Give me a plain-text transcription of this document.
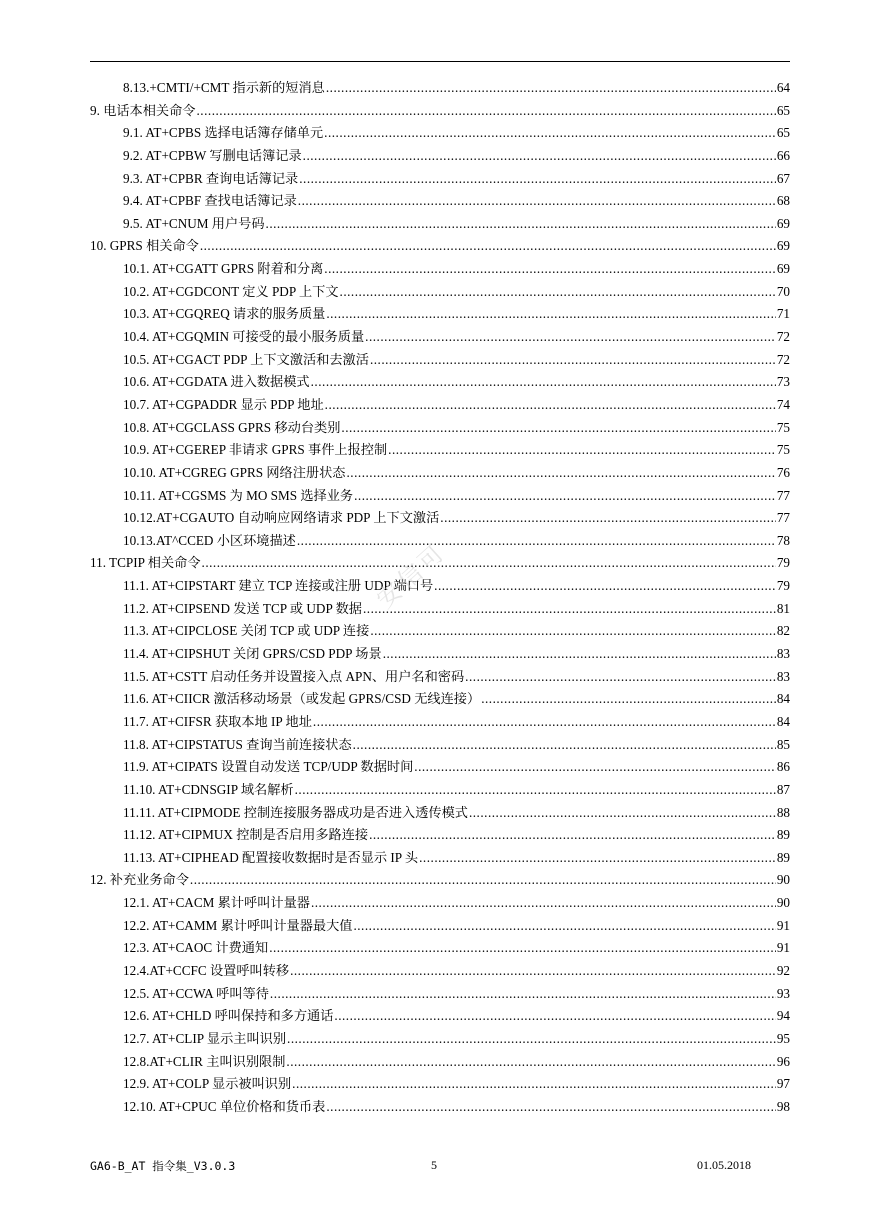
8.13.+CMTI/+CMT 指示新的短消息 .....	64
9. 电话本相关命令 .....	65
9.1. AT+CPBS 选择电话簿存储单元 .....	65
9.2. AT+CPBW 写删电话簿记录 .....	66
9.3. AT+CPBR 查询电话簿记录 .....	67
9.4. AT+CPBF 查找电话簿记录 .....	68
9.5. AT+CNUM 用户号码 .....	69
10. GPRS 相关命令 .....	69
10.1. AT+CGATT GPRS 附着和分离 .....	69
10.2. AT+CGDCONT 定义 PDP 上下文 .....	70
10.3. AT+CGQREQ 请求的服务质量 .....	71
10.4. AT+CGQMIN 可接受的最小服务质量 .....	72
10.5. AT+CGACT PDP 上下文激活和去激活 .....	72
10.6. AT+CGDATA 进入数据模式 .....	73
10.7. AT+CGPADDR 显示 PDP 地址 .....	74
10.8. AT+CGCLASS GPRS 移动台类别 .....	75
10.9. AT+CGEREP 非请求 GPRS 事件上报控制 .....	75
10.10. AT+CGREG GPRS 网络注册状态 .....	76
10.11. AT+CGSMS 为 MO SMS 选择业务 .....	77
10.12.AT+CGAUTO 自动响应网络请求 PDP 上下文激活 .....	77
10.13.AT^CCED 小区环境描述 .....	78
11. TCPIP 相关命令 .....	79
11.1. AT+CIPSTART 建立 TCP 连接或注册 UDP 端口号 .....	79
11.2. AT+CIPSEND 发送 TCP 或 UDP 数据 .....	81
11.3. AT+CIPCLOSE 关闭 TCP 或 UDP 连接 .....	82
11.4. AT+CIPSHUT 关闭 GPRS/CSD PDP 场景 .....	83
11.5. AT+CSTT 启动任务并设置接入点 APN、用户名和密码 .....	83
11.6. AT+CIICR 激活移动场景（或发起 GPRS/CSD 无线连接） .....	84
11.7. AT+CIFSR 获取本地 IP 地址 .....	84
11.8. AT+CIPSTATUS 查询当前连接状态 .....	85
11.9. AT+CIPATS 设置自动发送 TCP/UDP 数据时间 .....	86
11.10. AT+CDNSGIP 域名解析 .....	87
11.11. AT+CIPMODE 控制连接服务器成功是否进入透传模式 .....	88
11.12. AT+CIPMUX 控制是否启用多路连接 .....	89
11.13. AT+CIPHEAD 配置接收数据时是否显示 IP 头 .....	89
12. 补充业务命令 .....	90
12.1. AT+CACM 累计呼叫计量器 .....	90
12.2. AT+CAMM 累计呼叫计量器最大值 .....	91
12.3. AT+CAOC 计费通知 .....	91
12.4.AT+CCFC 设置呼叫转移 .....	92
12.5. AT+CCWA 呼叫等待 .....	93
12.6. AT+CHLD 呼叫保持和多方通话 .....	94
12.7. AT+CLIP 显示主叫识别 .....	95
12.8.AT+CLIR 主叫识别限制 .....	96
12.9. AT+COLP 显示被叫识别 .....	97
12.10. AT+CPUC 单位价格和货币表 .....	98
安信可
GA6-B_AT 指令集_V3.0.3	5	01.05.2018
